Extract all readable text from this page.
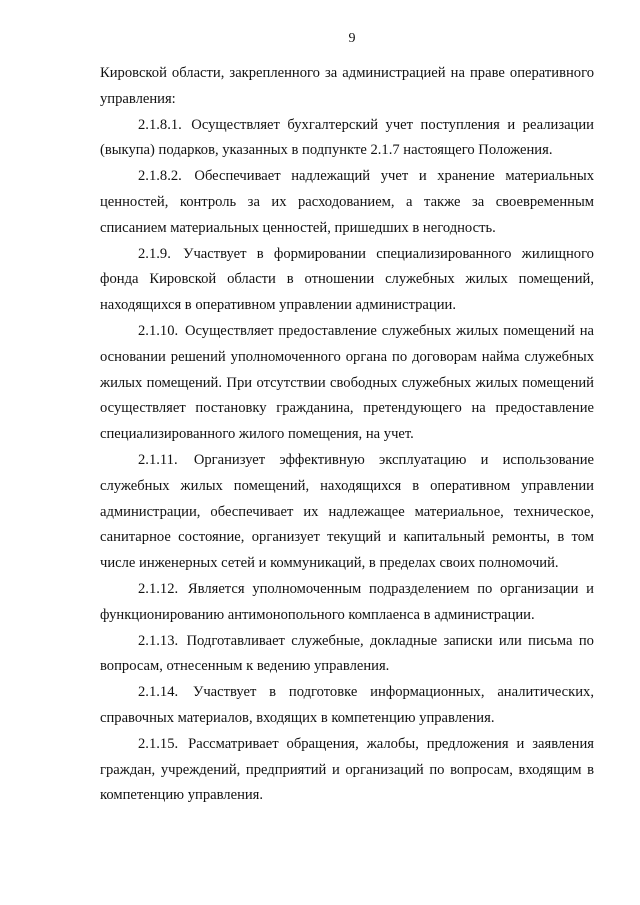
9

Кировской области, закрепленного за администрацией на праве оперативного управления:

2.1.8.1. Осуществляет бухгалтерский учет поступления и реализации (выкупа) подарков, указанных в подпункте 2.1.7 настоящего Положения.

2.1.8.2. Обеспечивает надлежащий учет и хранение материальных ценностей, контроль за их расходованием, а также за своевременным списанием материальных ценностей, пришедших в негодность.

2.1.9. Участвует в формировании специализированного жилищного фонда Кировской области в отношении служебных жилых помещений, находящихся в оперативном управлении администрации.

2.1.10. Осуществляет предоставление служебных жилых помещений на основании решений уполномоченного органа по договорам найма служебных жилых помещений. При отсутствии свободных служебных жилых помещений осуществляет постановку гражданина, претендующего на предоставление специализированного жилого помещения, на учет.

2.1.11. Организует эффективную эксплуатацию и использование служебных жилых помещений, находящихся в оперативном управлении администрации, обеспечивает их надлежащее материальное, техническое, санитарное состояние, организует текущий и капитальный ремонты, в том числе инженерных сетей и коммуникаций, в пределах своих полномочий.

2.1.12. Является уполномоченным подразделением по организации и функционированию антимонопольного комплаенса в администрации.

2.1.13. Подготавливает служебные, докладные записки или письма по вопросам, отнесенным к ведению управления.

2.1.14. Участвует в подготовке информационных, аналитических, справочных материалов, входящих в компетенцию управления.

2.1.15. Рассматривает обращения, жалобы, предложения и заявления граждан, учреждений, предприятий и организаций по вопросам, входящим в компетенцию управления.
